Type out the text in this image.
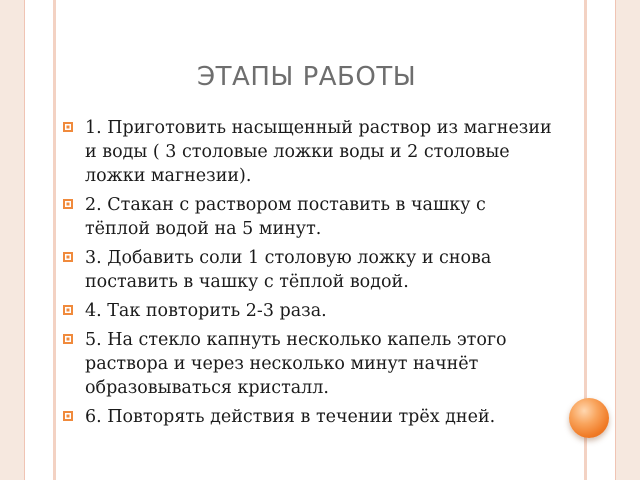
ЭТАПЫ РАБОТЫ
1. Приготовить насыщенный раствор из магнезии и воды ( 3 столовые ложки воды и 2 столовые ложки магнезии).
2. Стакан с раствором поставить в чашку с тёплой водой на 5 минут.
3. Добавить соли 1 столовую ложку и снова поставить в чашку с тёплой водой.
4. Так повторить 2-3 раза.
5. На стекло капнуть несколько капель этого раствора и через несколько минут начнёт образовываться кристалл.
6. Повторять действия в течении трёх дней.
